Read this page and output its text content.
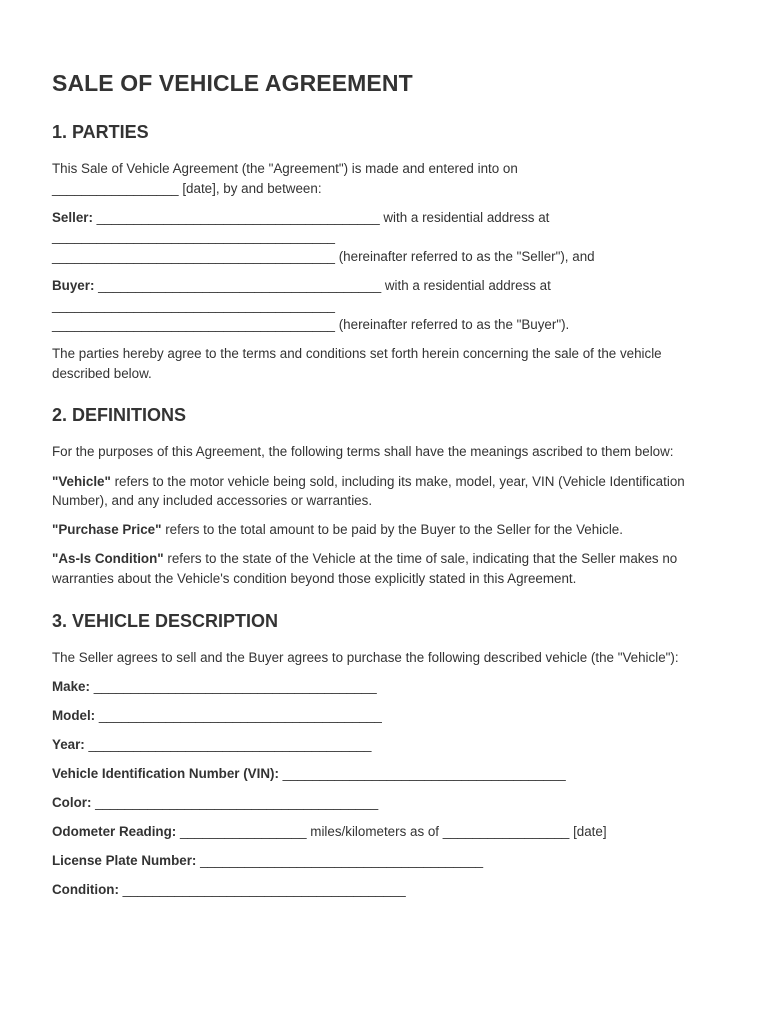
SALE OF VEHICLE AGREEMENT
1. PARTIES

This Sale of Vehicle Agreement (the "Agreement") is made and entered into on
_________________ [date], by and between:

Seller: ______________________________________ with a residential address at
______________________________________
______________________________________ (hereinafter referred to as the "Seller"), and

Buyer: ______________________________________ with a residential address at
______________________________________
______________________________________ (hereinafter referred to as the "Buyer").

The parties hereby agree to the terms and conditions set forth herein concerning the sale of the vehicle described below.

2. DEFINITIONS

For the purposes of this Agreement, the following terms shall have the meanings ascribed to them below:

"Vehicle" refers to the motor vehicle being sold, including its make, model, year, VIN (Vehicle Identification Number), and any included accessories or warranties.

"Purchase Price" refers to the total amount to be paid by the Buyer to the Seller for the Vehicle.

"As-Is Condition" refers to the state of the Vehicle at the time of sale, indicating that the Seller makes no warranties about the Vehicle's condition beyond those explicitly stated in this Agreement.

3. VEHICLE DESCRIPTION

The Seller agrees to sell and the Buyer agrees to purchase the following described vehicle (the "Vehicle"):

Make: ______________________________________
Model: ______________________________________
Year: ______________________________________
Vehicle Identification Number (VIN): ______________________________________
Color: ______________________________________
Odometer Reading: _________________ miles/kilometers as of _________________ [date]
License Plate Number: ______________________________________
Condition: ______________________________________
